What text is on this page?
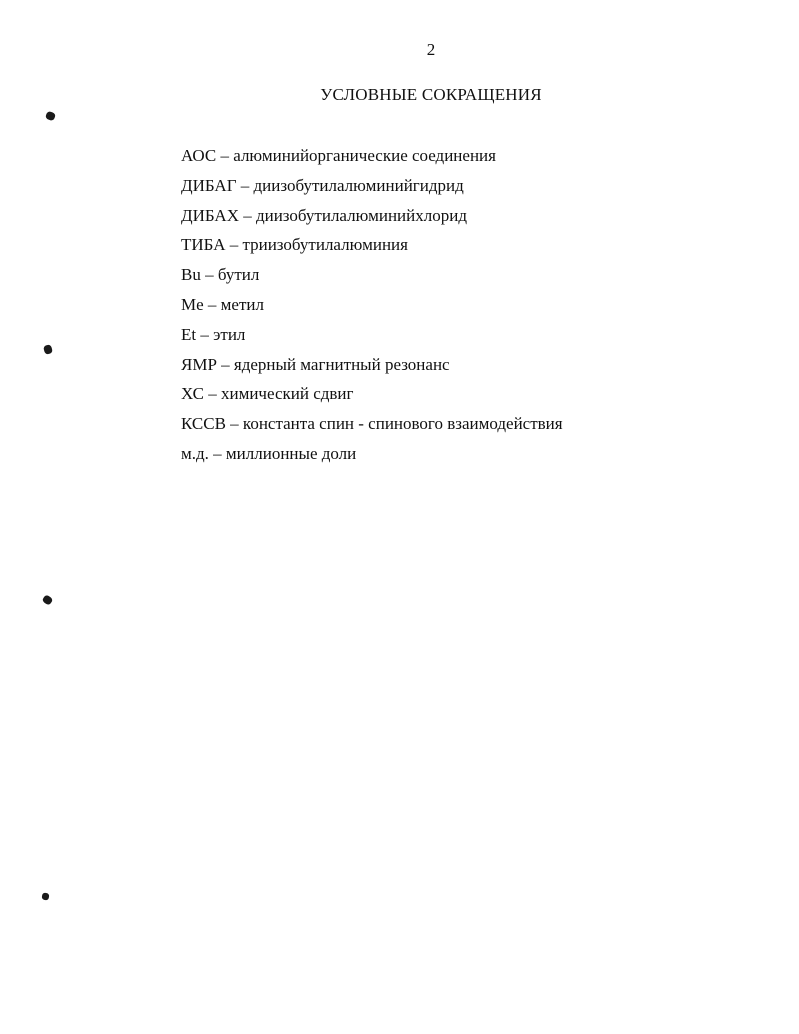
2
УСЛОВНЫЕ СОКРАЩЕНИЯ
АОС – алюминийорганические соединения
ДИБАГ – диизобутилалюминийгидрид
ДИБАХ – диизобутилалюминийхлорид
ТИБА – триизобутилалюминия
Bu – бутил
Me – метил
Et – этил
ЯМР – ядерный магнитный резонанс
ХС – химический сдвиг
КССВ – константа спин - спинового взаимодействия
м.д. – миллионные доли
